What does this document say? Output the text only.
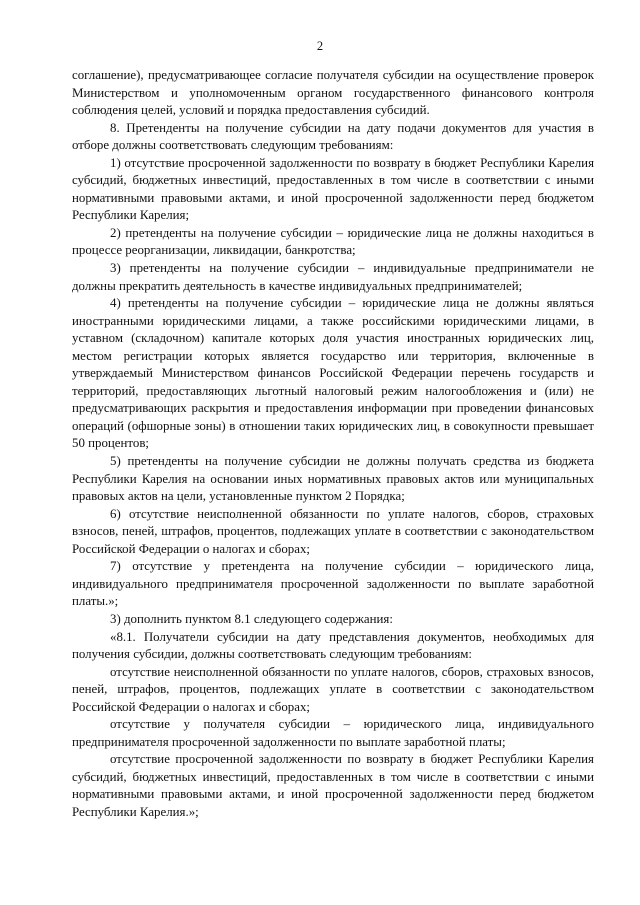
2

соглашение), предусматривающее согласие получателя субсидии на осуществление проверок Министерством и уполномоченным органом государственного финансового контроля соблюдения целей, условий и порядка предоставления субсидий.

8. Претенденты на получение субсидии на дату подачи документов для участия в отборе должны соответствовать следующим требованиям:

1) отсутствие просроченной задолженности по возврату в бюджет Республики Карелия субсидий, бюджетных инвестиций, предоставленных в том числе в соответствии с иными нормативными правовыми актами, и иной просроченной задолженности перед бюджетом Республики Карелия;

2) претенденты на получение субсидии – юридические лица не должны находиться в процессе реорганизации, ликвидации, банкротства;

3) претенденты на получение субсидии – индивидуальные предприниматели не должны прекратить деятельность в качестве индивидуальных предпринимателей;

4) претенденты на получение субсидии – юридические лица не должны являться иностранными юридическими лицами, а также российскими юридическими лицами, в уставном (складочном) капитале которых доля участия иностранных юридических лиц, местом регистрации которых является государство или территория, включенные в утверждаемый Министерством финансов Российской Федерации перечень государств и территорий, предоставляющих льготный налоговый режим налогообложения и (или) не предусматривающих раскрытия и предоставления информации при проведении финансовых операций (офшорные зоны) в отношении таких юридических лиц, в совокупности превышает 50 процентов;

5) претенденты на получение субсидии не должны получать средства из бюджета Республики Карелия на основании иных нормативных правовых актов или муниципальных правовых актов на цели, установленные пунктом 2 Порядка;

6) отсутствие неисполненной обязанности по уплате налогов, сборов, страховых взносов, пеней, штрафов, процентов, подлежащих уплате в соответствии с законодательством Российской Федерации о налогах и сборах;

7) отсутствие у претендента на получение субсидии – юридического лица, индивидуального предпринимателя просроченной задолженности по выплате заработной платы.»;

3) дополнить пунктом 8.1 следующего содержания:

«8.1. Получатели субсидии на дату представления документов, необходимых для получения субсидии, должны соответствовать следующим требованиям:

отсутствие неисполненной обязанности по уплате налогов, сборов, страховых взносов, пеней, штрафов, процентов, подлежащих уплате в соответствии с законодательством Российской Федерации о налогах и сборах;

отсутствие у получателя субсидии – юридического лица, индивидуального предпринимателя просроченной задолженности по выплате заработной платы;

отсутствие просроченной задолженности по возврату в бюджет Республики Карелия субсидий, бюджетных инвестиций, предоставленных в том числе в соответствии с иными нормативными правовыми актами, и иной просроченной задолженности перед бюджетом Республики Карелия.»;
